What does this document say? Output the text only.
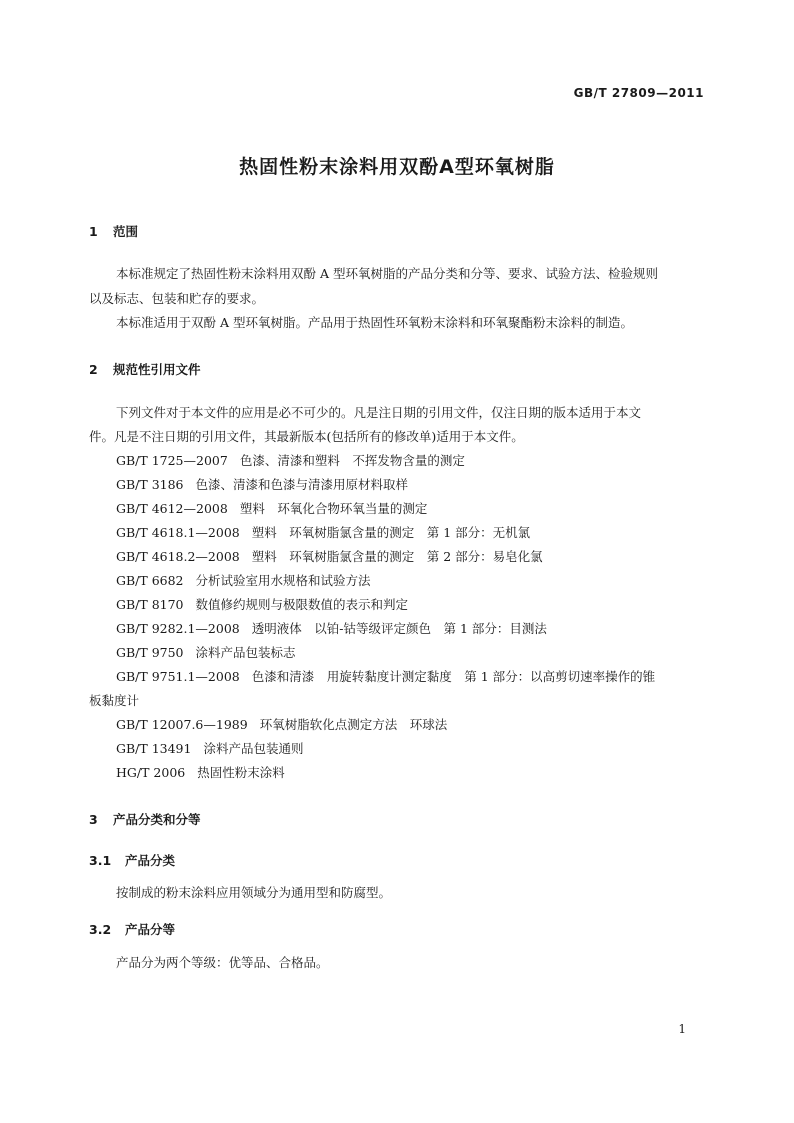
GB/T 27809—2011
热固性粉末涂料用双酚A型环氧树脂
1 范围
本标准规定了热固性粉末涂料用双酚 A 型环氧树脂的产品分类和分等、要求、试验方法、检验规则
以及标志、包装和贮存的要求。
本标准适用于双酚 A 型环氧树脂。产品用于热固性环氧粉末涂料和环氧聚酯粉末涂料的制造。
2 规范性引用文件
下列文件对于本文件的应用是必不可少的。凡是注日期的引用文件，仅注日期的版本适用于本文
件。凡是不注日期的引用文件，其最新版本(包括所有的修改单)适用于本文件。
GB/T 1725—2007 色漆、清漆和塑料　不挥发物含量的测定
GB/T 3186 色漆、清漆和色漆与清漆用原材料取样
GB/T 4612—2008 塑料　环氧化合物环氧当量的测定
GB/T 4618.1—2008 塑料　环氧树脂氯含量的测定　第 1 部分：无机氯
GB/T 4618.2—2008 塑料　环氧树脂氯含量的测定　第 2 部分：易皂化氯
GB/T 6682 分析试验室用水规格和试验方法
GB/T 8170 数值修约规则与极限数值的表示和判定
GB/T 9282.1—2008 透明液体　以铂-钴等级评定颜色　第 1 部分：目测法
GB/T 9750 涂料产品包装标志
GB/T 9751.1—2008 色漆和清漆　用旋转黏度计测定黏度　第 1 部分：以高剪切速率操作的锥
板黏度计
GB/T 12007.6—1989 环氧树脂软化点测定方法　环球法
GB/T 13491 涂料产品包装通则
HG/T 2006 热固性粉末涂料
3 产品分类和分等
3.1 产品分类
按制成的粉末涂料应用领域分为通用型和防腐型。
3.2 产品分等
产品分为两个等级：优等品、合格品。
1
